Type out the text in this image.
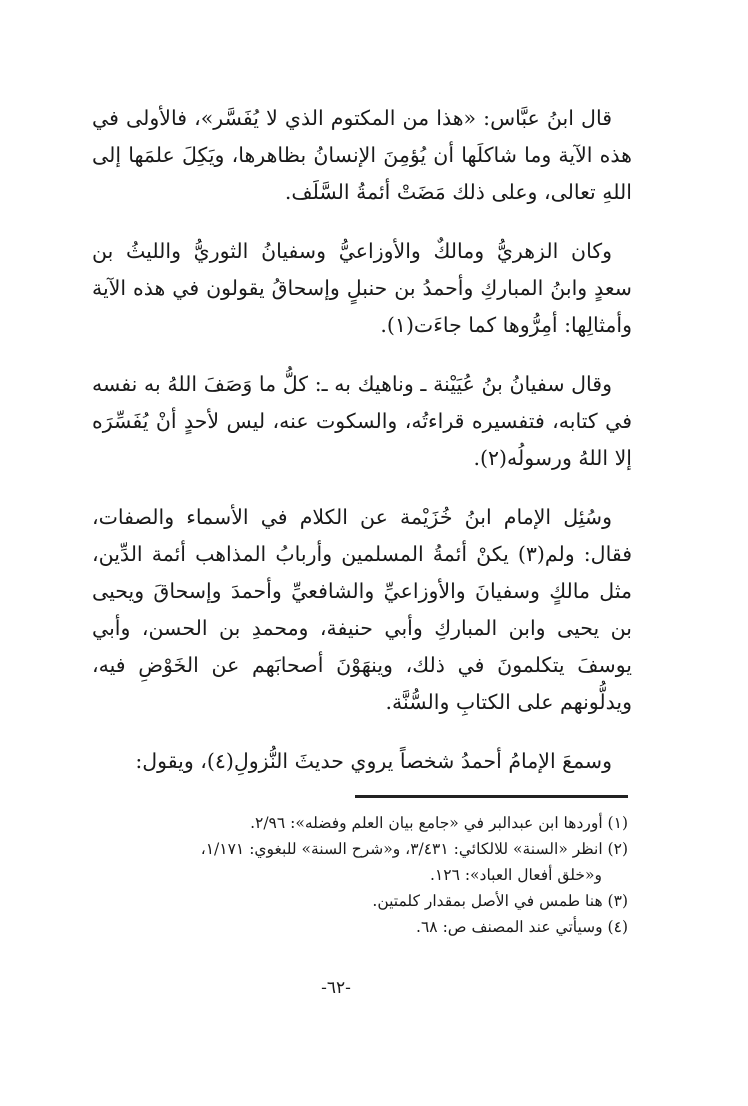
قال ابنُ عبَّاس: «هذا من المكتوم الذي لا يُفَسَّر»، فالأولى في هذه الآية وما شاكلَها أن يُؤمِنَ الإنسانُ بظاهرها، ويَكِلَ علمَها إلى اللهِ تعالى، وعلى ذلك مَضَتْ أئمةُ السَّلَف.

وكان الزهريُّ ومالكٌ والأوزاعيُّ وسفيانُ الثوريُّ والليثُ بن سعدٍ وابنُ المباركِ وأحمدُ بن حنبلٍ وإسحاقُ يقولون في هذه الآية وأمثالِها: أمِرُّوها كما جاءَت(١).

وقال سفيانُ بنُ عُيَيْنة ـ وناهيك به ـ: كلُّ ما وَصَفَ اللهُ به نفسه في كتابه، فتفسيره قراءتُه، والسكوت عنه، ليس لأحدٍ أنْ يُفَسِّرَه إلا اللهُ ورسولُه(٢).

وسُئِل الإمام ابنُ خُزَيْمة عن الكلام في الأسماء والصفات، فقال: ولم(٣) يكنْ أئمةُ المسلمين وأربابُ المذاهب أئمة الدِّين، مثل مالكٍ وسفيانَ والأوزاعيِّ والشافعيِّ وأحمدَ وإسحاقَ ويحيى بن يحيى وابن المباركِ وأبي حنيفة، ومحمدِ بن الحسن، وأبي يوسفَ يتكلمونَ في ذلك، وينهَوْنَ أصحابَهم عن الخَوْضِ فيه، ويدلُّونهم على الكتابِ والسُّنَّة.

وسمعَ الإمامُ أحمدُ شخصاً يروي حديثَ النُّزولِ(٤)، ويقول:

(١) أوردها ابن عبدالبر في «جامع بيان العلم وفضله»: ٢/٩٦.

(٢) انظر «السنة» للالكائي: ٣/٤٣١، و«شرح السنة» للبغوي: ١/١٧١،

و«خلق أفعال العباد»: ١٢٦.

(٣) هنا طمس في الأصل بمقدار كلمتين.

(٤) وسيأتي عند المصنف ص: ٦٨.

-٦٢-
